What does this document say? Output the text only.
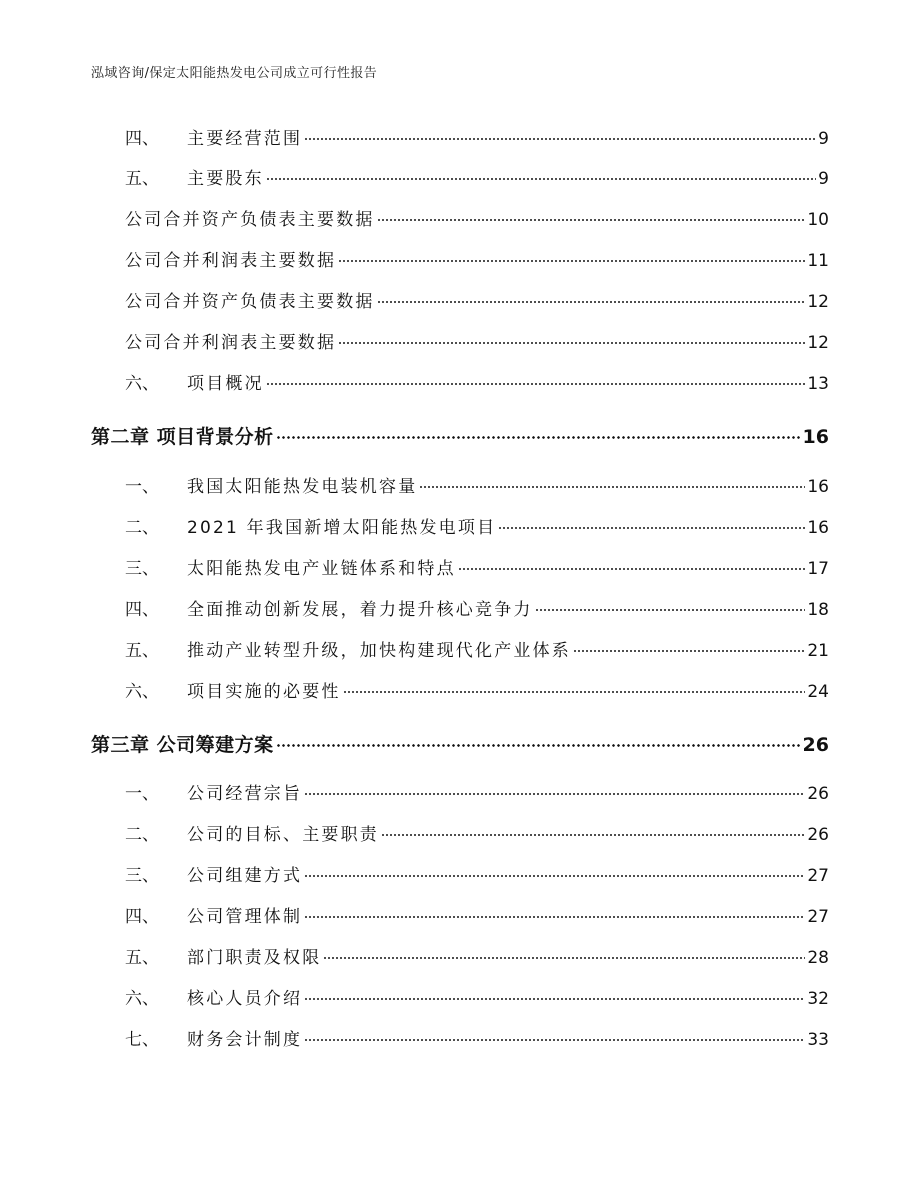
泓域咨询/保定太阳能热发电公司成立可行性报告
四、 主要经营范围	9
五、 主要股东	9
公司合并资产负债表主要数据	10
公司合并利润表主要数据	11
公司合并资产负债表主要数据	12
公司合并利润表主要数据	12
六、 项目概况	13
第二章 项目背景分析	16
一、 我国太阳能热发电装机容量	16
二、 2021 年我国新增太阳能热发电项目	16
三、 太阳能热发电产业链体系和特点	17
四、 全面推动创新发展，着力提升核心竞争力	18
五、 推动产业转型升级，加快构建现代化产业体系	21
六、 项目实施的必要性	24
第三章 公司筹建方案	26
一、 公司经营宗旨	26
二、 公司的目标、主要职责	26
三、 公司组建方式	27
四、 公司管理体制	27
五、 部门职责及权限	28
六、 核心人员介绍	32
七、 财务会计制度	33
